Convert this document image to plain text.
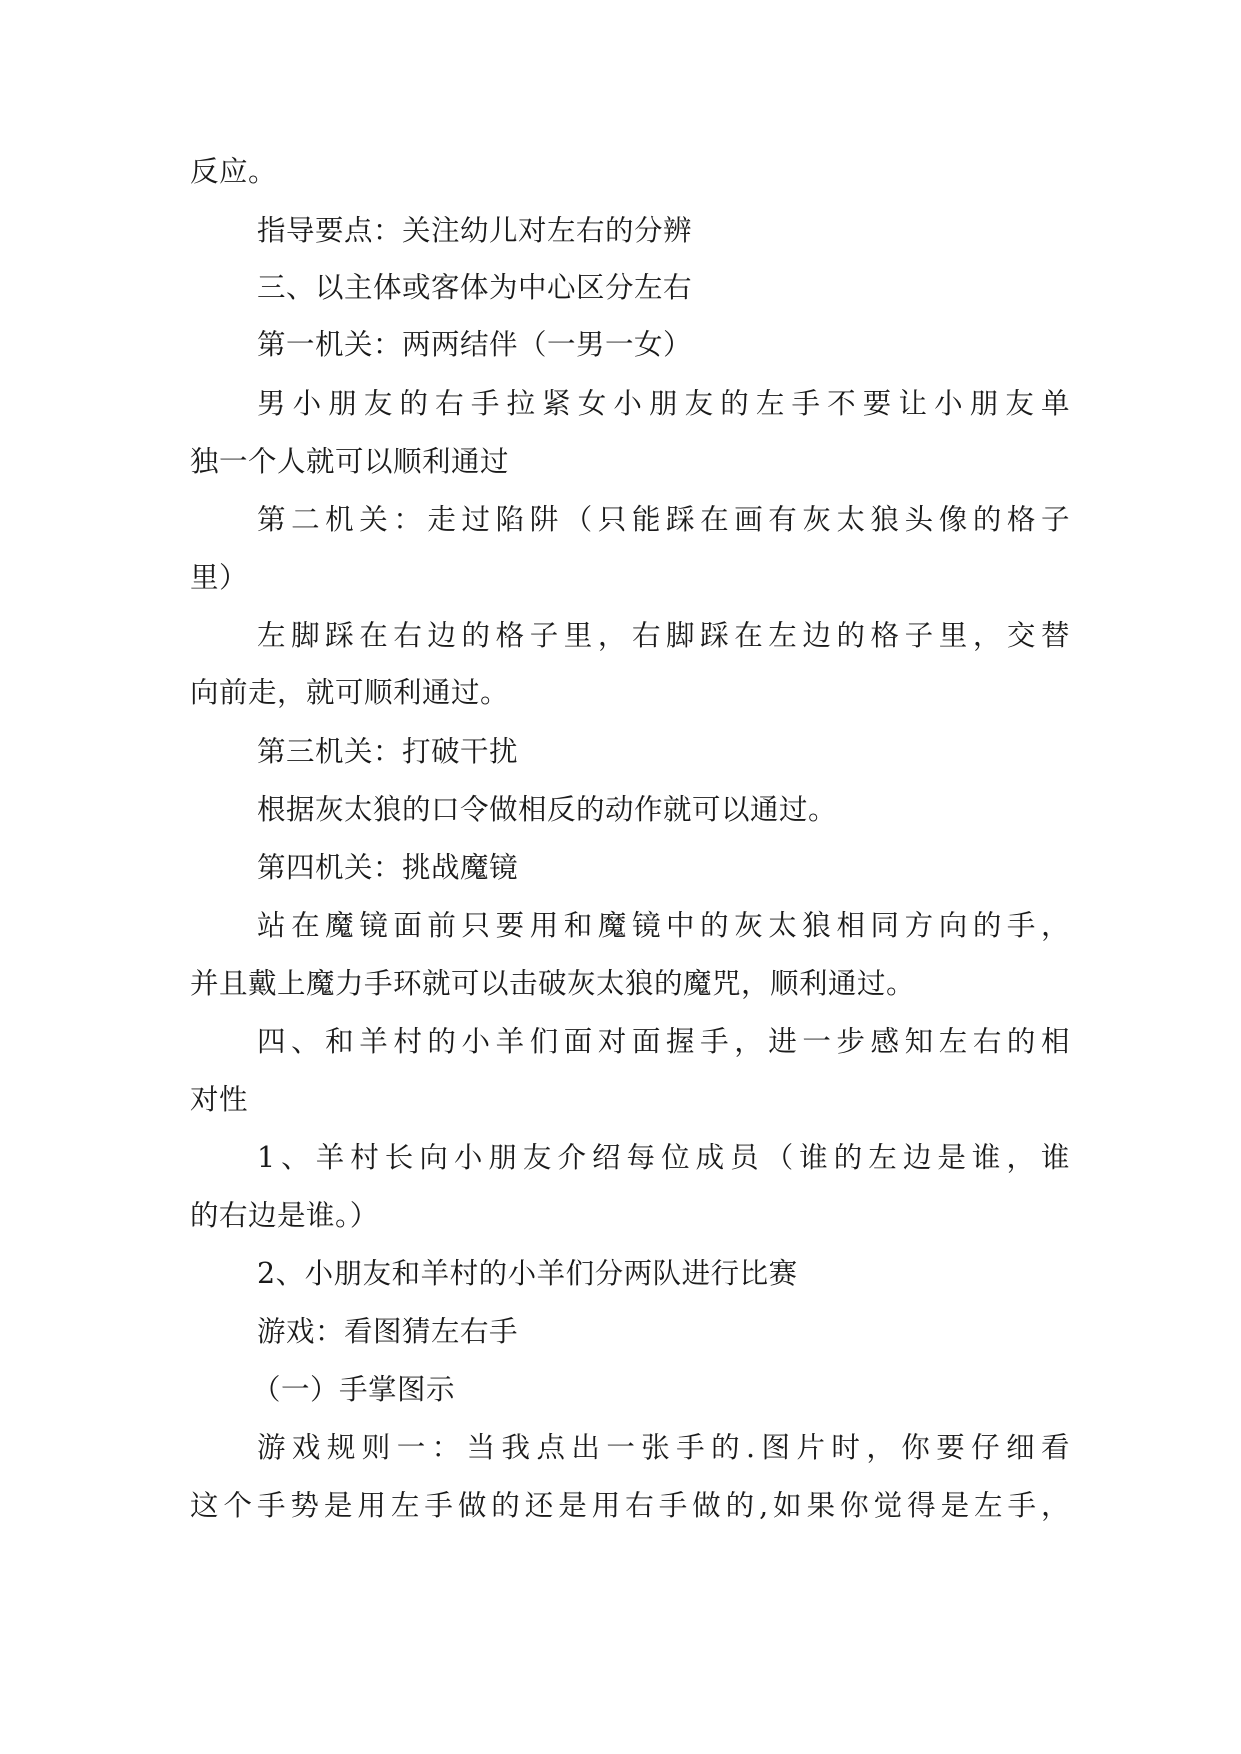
反应。
指导要点：关注幼儿对左右的分辨
三、以主体或客体为中心区分左右
第一机关：两两结伴（一男一女）
男小朋友的右手拉紧女小朋友的左手不要让小朋友单
独一个人就可以顺利通过
第二机关：走过陷阱（只能踩在画有灰太狼头像的格子
里）
左脚踩在右边的格子里，右脚踩在左边的格子里，交替
向前走，就可顺利通过。
第三机关：打破干扰
根据灰太狼的口令做相反的动作就可以通过。
第四机关：挑战魔镜
站在魔镜面前只要用和魔镜中的灰太狼相同方向的手，
并且戴上魔力手环就可以击破灰太狼的魔咒，顺利通过。
四、和羊村的小羊们面对面握手，进一步感知左右的相
对性
1、羊村长向小朋友介绍每位成员（谁的左边是谁，谁
的右边是谁。）
2、小朋友和羊村的小羊们分两队进行比赛
游戏：看图猜左右手
（一）手掌图示
游戏规则一：当我点出一张手的.图片时，你要仔细看
这个手势是用左手做的还是用右手做的,如果你觉得是左手，
